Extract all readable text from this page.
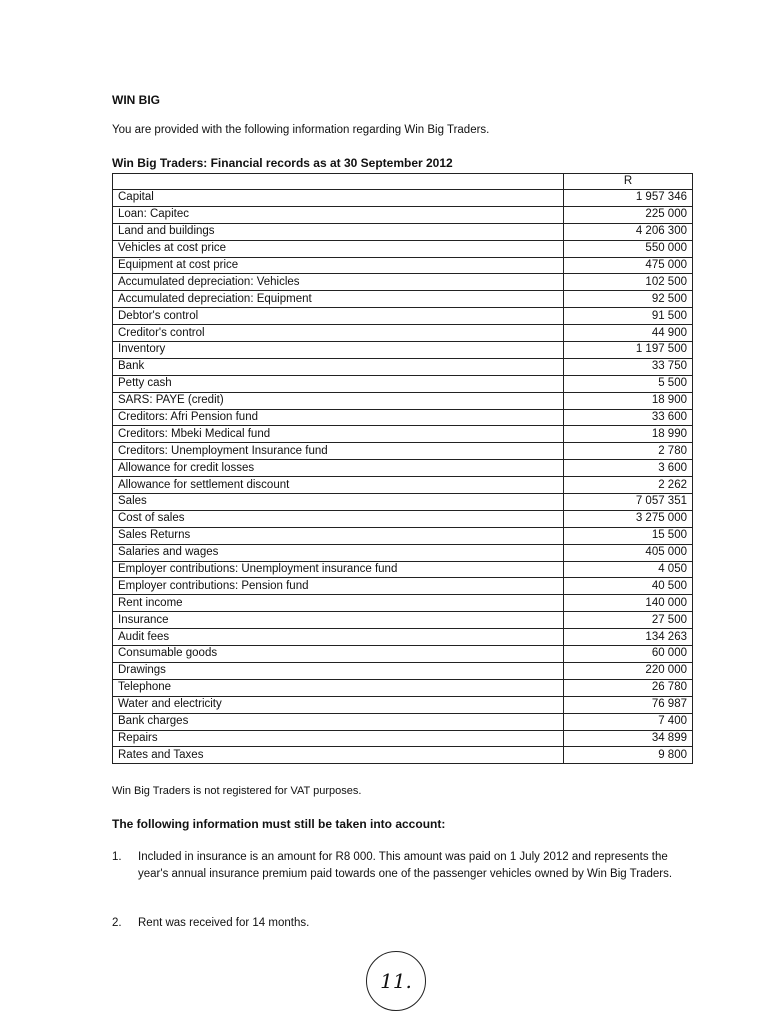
WIN BIG
You are provided with the following information regarding Win Big Traders.
Win Big Traders: Financial records as at 30 September 2012
	R
Capital	1 957 346
Loan: Capitec	225 000
Land and buildings	4 206 300
Vehicles at cost price	550 000
Equipment at cost price	475 000
Accumulated depreciation: Vehicles	102 500
Accumulated depreciation: Equipment	92 500
Debtor's control	91 500
Creditor's control	44 900
Inventory	1 197 500
Bank	33 750
Petty cash	5 500
SARS: PAYE (credit)	18 900
Creditors: Afri Pension fund	33 600
Creditors: Mbeki Medical fund	18 990
Creditors: Unemployment Insurance fund	2 780
Allowance for credit losses	3 600
Allowance for settlement discount	2 262
Sales	7 057 351
Cost of sales	3 275 000
Sales Returns	15 500
Salaries and wages	405 000
Employer contributions: Unemployment insurance fund	4 050
Employer contributions: Pension fund	40 500
Rent income	140 000
Insurance	27 500
Audit fees	134 263
Consumable goods	60 000
Drawings	220 000
Telephone	26 780
Water and electricity	76 987
Bank charges	7 400
Repairs	34 899
Rates and Taxes	9 800
Win Big Traders is not registered for VAT purposes.
The following information must still be taken into account:
1. Included in insurance is an amount for R8 000. This amount was paid on 1 July 2012 and represents the year's annual insurance premium paid towards one of the passenger vehicles owned by Win Big Traders.
2. Rent was received for 14 months.
11.
